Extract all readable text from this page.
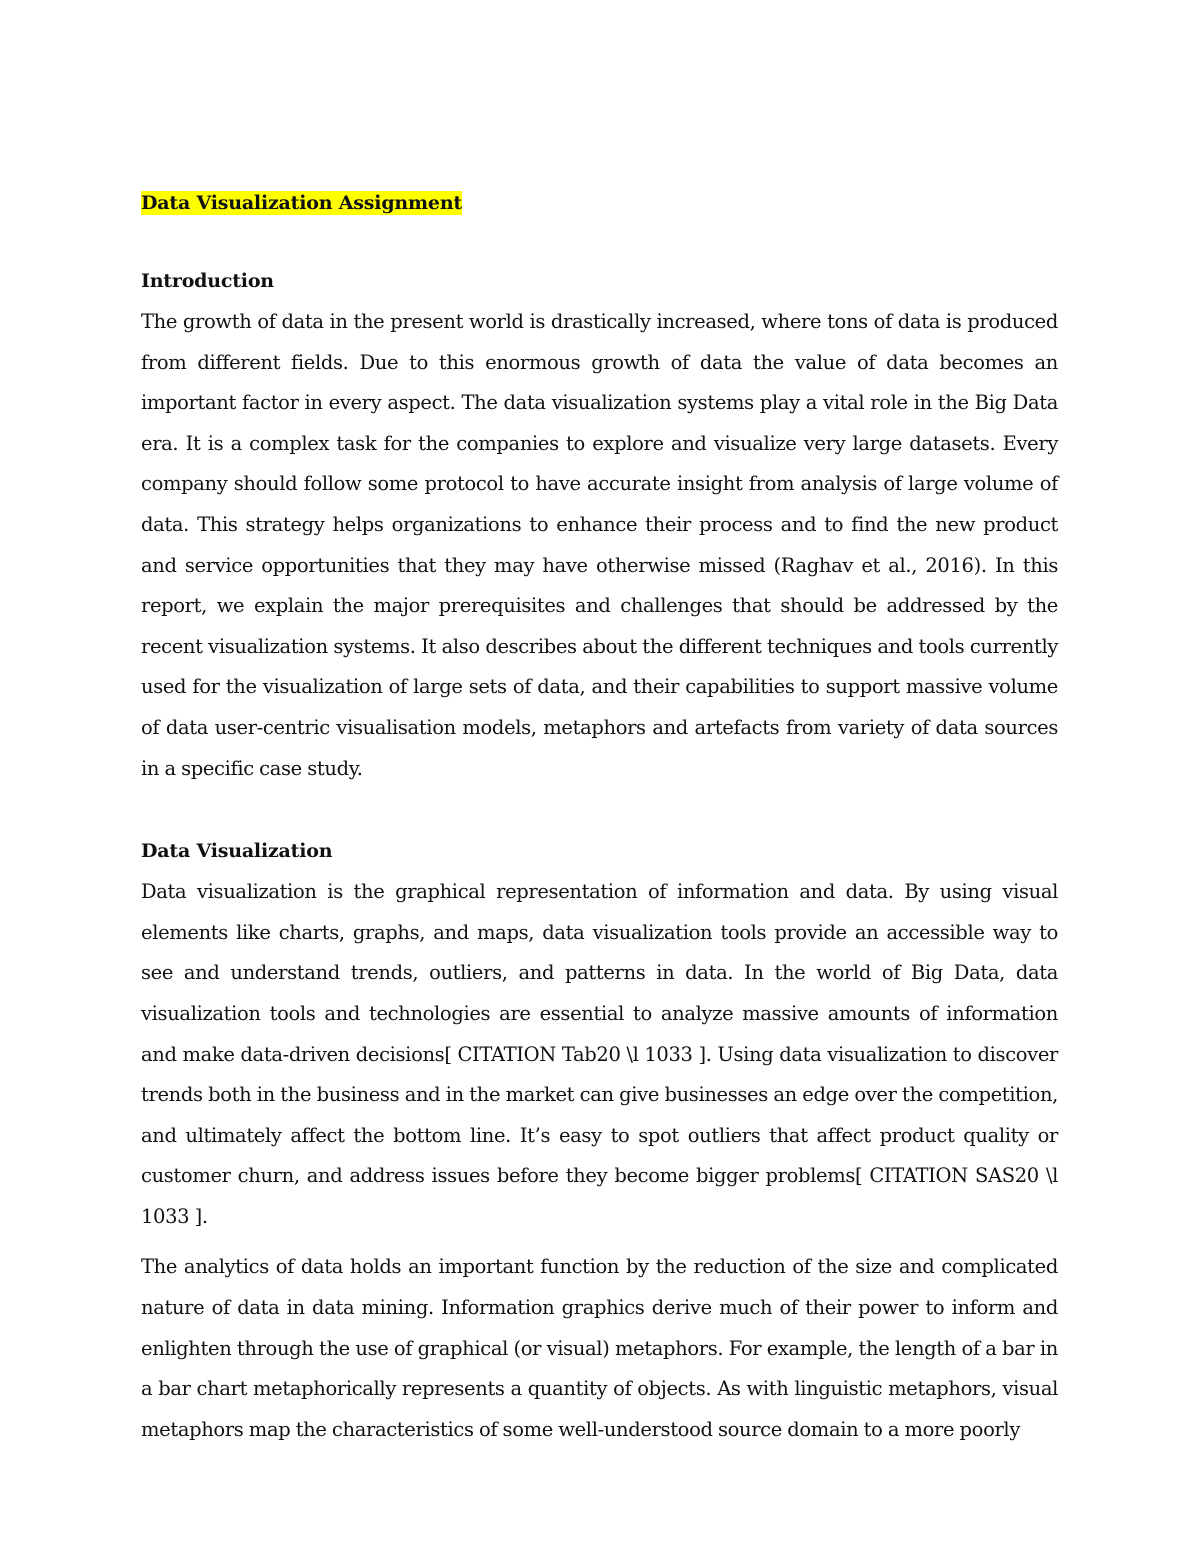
Data Visualization Assignment
Introduction

The growth of data in the present world is drastically increased, where tons of data is produced from different fields. Due to this enormous growth of data the value of data becomes an important factor in every aspect. The data visualization systems play a vital role in the Big Data era. It is a complex task for the companies to explore and visualize very large datasets. Every company should follow some protocol to have accurate insight from analysis of large volume of data. This strategy helps organizations to enhance their process and to find the new product and service opportunities that they may have otherwise missed (Raghav et al., 2016). In this report, we explain the major prerequisites and challenges that should be addressed by the recent visualization systems. It also describes about the different techniques and tools currently used for the visualization of large sets of data, and their capabilities to support massive volume of data user-centric visualisation models, metaphors and artefacts from variety of data sources in a specific case study.

Data Visualization

Data visualization is the graphical representation of information and data. By using visual elements like charts, graphs, and maps, data visualization tools provide an accessible way to see and understand trends, outliers, and patterns in data. In the world of Big Data, data visualization tools and technologies are essential to analyze massive amounts of information and make data-driven decisions[ CITATION Tab20 \l 1033 ]. Using data visualization to discover trends both in the business and in the market can give businesses an edge over the competition, and ultimately affect the bottom line. It’s easy to spot outliers that affect product quality or customer churn, and address issues before they become bigger problems[ CITATION SAS20 \l 1033 ].

The analytics of data holds an important function by the reduction of the size and complicated nature of data in data mining. Information graphics derive much of their power to inform and enlighten through the use of graphical (or visual) metaphors. For example, the length of a bar in a bar chart metaphorically represents a quantity of objects. As with linguistic metaphors, visual metaphors map the characteristics of some well-understood source domain to a more poorly
